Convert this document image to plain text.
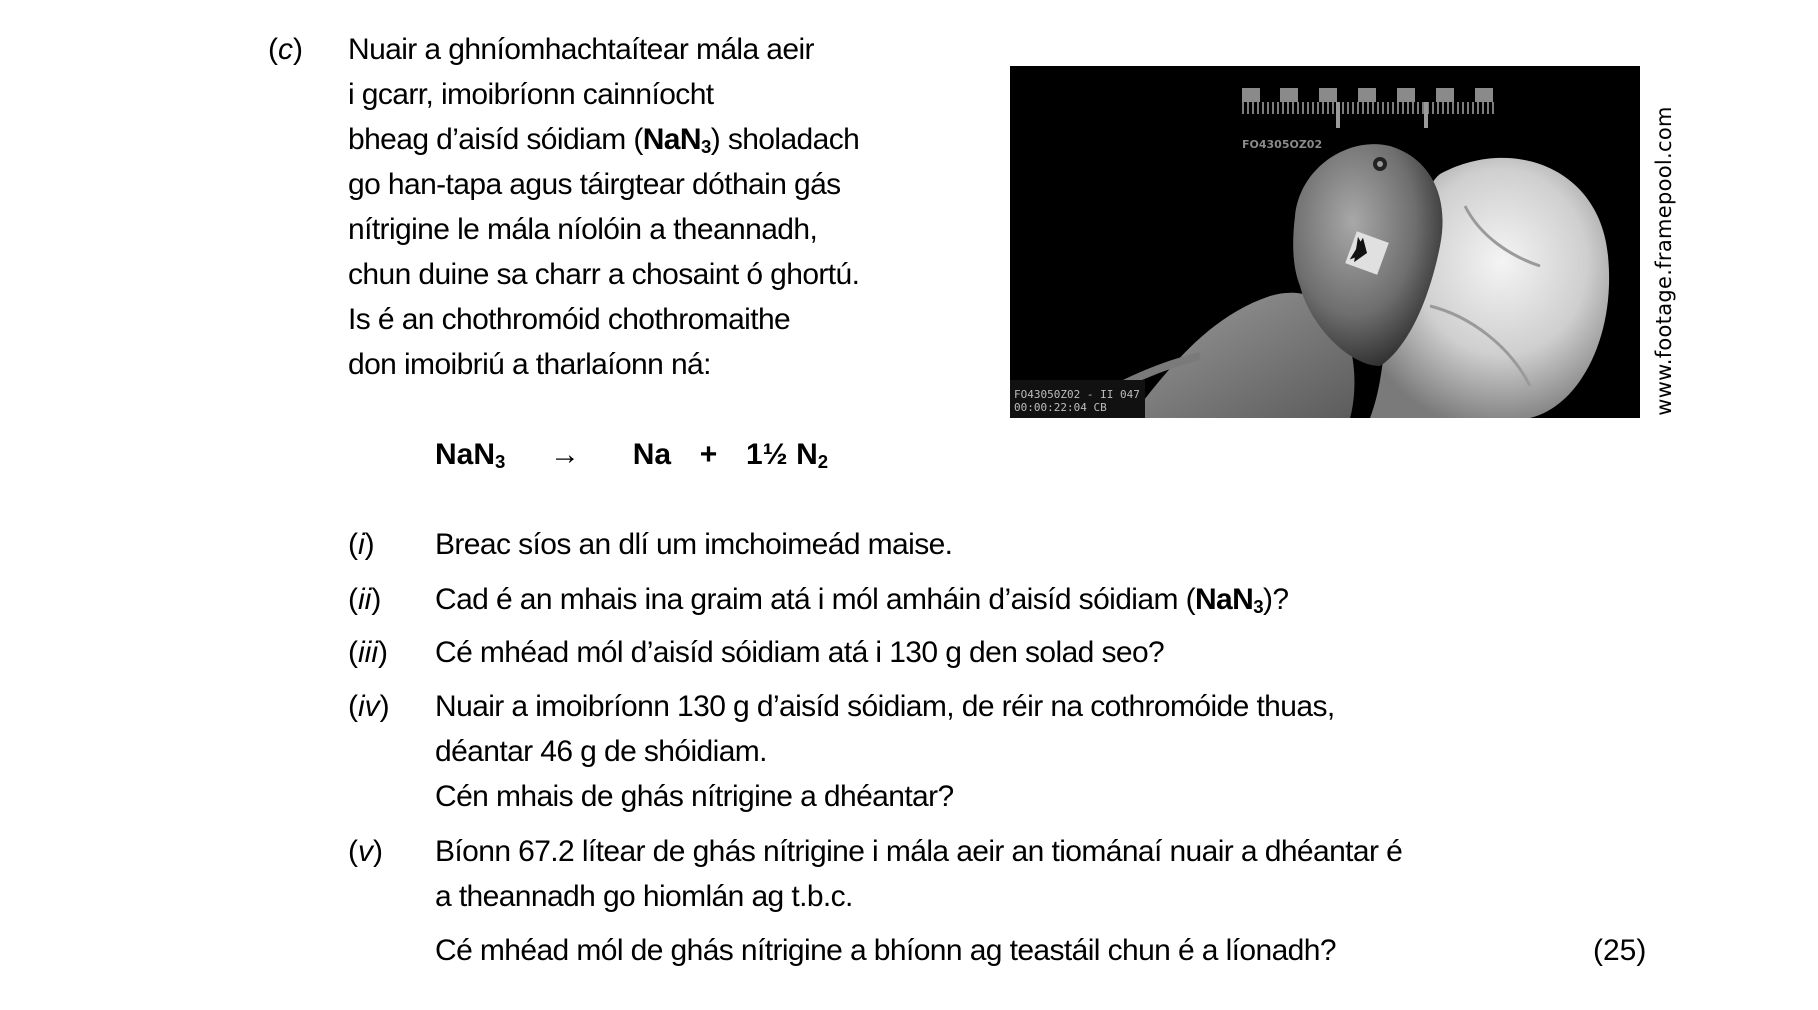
(c) Nuair a ghníomhachtaítear mála aeir
i gcarr, imoibríonn cainníocht
bheag d’aisíd sóidiam (NaN$_3$) sholadach
go han-tapa agus táirgtear dóthain gás
nítrigine le mála níolóin a theannadh,
chun duine sa charr a chosaint ó ghortú.
Is é an chothromóid chothromaithe
don imoibriú a tharlaíonn ná:
FO4305OZ02
FO43050Z02 - II 047
00:00:22:04 CB	www.footage.framepool.com
NaN$_3$ → Na + 1½ $N_2$
(i) Breac síos an dlí um imchoimeád maise.
(ii) Cad é an mhais ina graim atá i mól amháin d’aisíd sóidiam (NaN$_3$)?
(iii) Cé mhéad mól d’aisíd sóidiam atá i 130 g den solad seo?
(iv) Nuair a imoibríonn 130 g d’aisíd sóidiam, de réir na cothromóide thuas,
déantar 46 g de shóidiam.
Cén mhais de ghás nítrigine a dhéantar?
(v) Bíonn 67.2 lítear de ghás nítrigine i mála aeir an tiománaí nuair a dhéantar é
a theannadh go hiomlán ag t.b.c.
Cé mhéad mól de ghás nítrigine a bhíonn ag teastáil chun é a líonadh?	(25)
